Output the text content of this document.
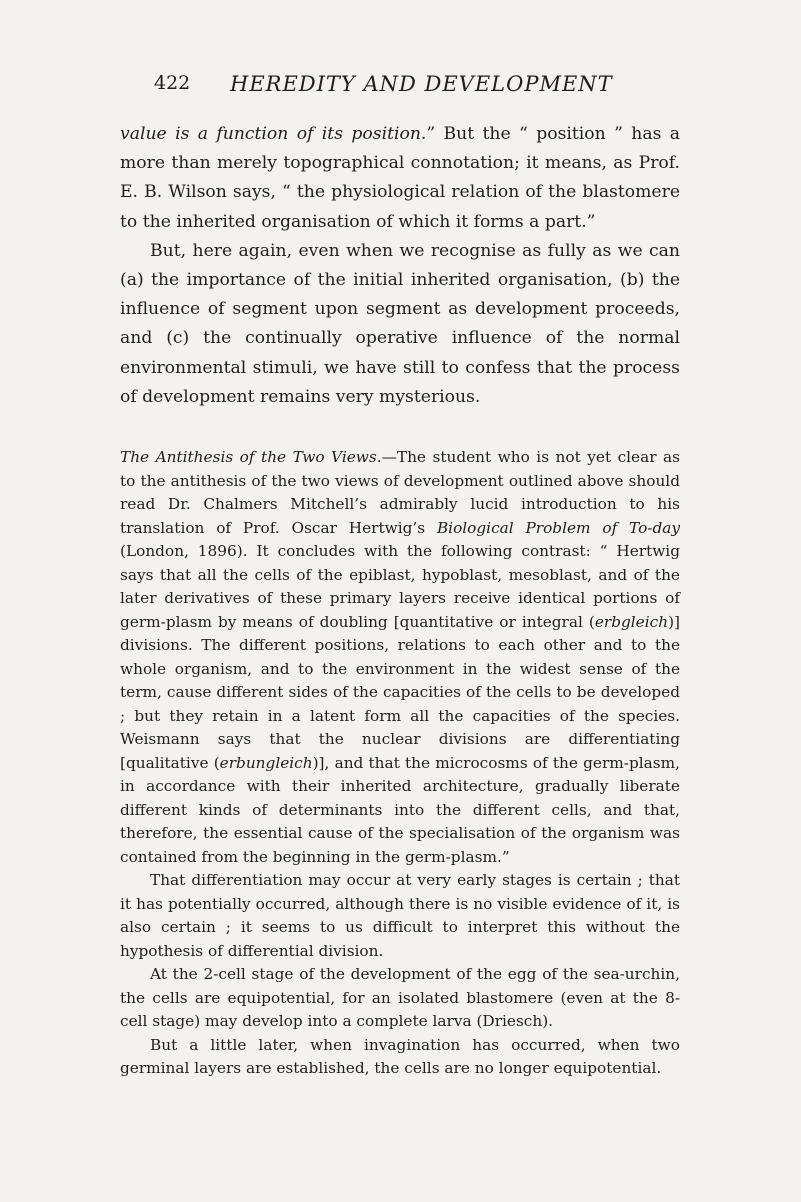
422 HEREDITY AND DEVELOPMENT

value is a function of its position.” But the “ position ” has a more than merely topographical connotation; it means, as Prof. E. B. Wilson says, “ the physiological relation of the blastomere to the inherited organisation of which it forms a part.”

But, here again, even when we recognise as fully as we can (a) the importance of the initial inherited organisation, (b) the influence of segment upon segment as development proceeds, and (c) the continually operative influence of the normal environmental stimuli, we have still to confess that the process of development remains very mysterious.

The Antithesis of the Two Views.—The student who is not yet clear as to the antithesis of the two views of development outlined above should read Dr. Chalmers Mitchell’s admirably lucid introduction to his translation of Prof. Oscar Hertwig’s Biological Problem of To-day (London, 1896). It concludes with the following contrast: “ Hertwig says that all the cells of the epiblast, hypoblast, mesoblast, and of the later derivatives of these primary layers receive identical portions of germ-plasm by means of doubling [quantitative or integral (erbgleich)] divisions. The different positions, relations to each other and to the whole organism, and to the environment in the widest sense of the term, cause different sides of the capacities of the cells to be developed ; but they retain in a latent form all the capacities of the species. Weismann says that the nuclear divisions are differentiating [qualitative (erbungleich)], and that the microcosms of the germ-plasm, in accordance with their inherited architecture, gradually liberate different kinds of determinants into the different cells, and that, therefore, the essential cause of the specialisation of the organism was contained from the beginning in the germ-plasm.”

That differentiation may occur at very early stages is certain ; that it has potentially occurred, although there is no visible evidence of it, is also certain ; it seems to us difficult to interpret this without the hypothesis of differential division.

At the 2-cell stage of the development of the egg of the sea-urchin, the cells are equipotential, for an isolated blastomere (even at the 8-cell stage) may develop into a complete larva (Driesch).

But a little later, when invagination has occurred, when two germinal layers are established, the cells are no longer equipotential.
